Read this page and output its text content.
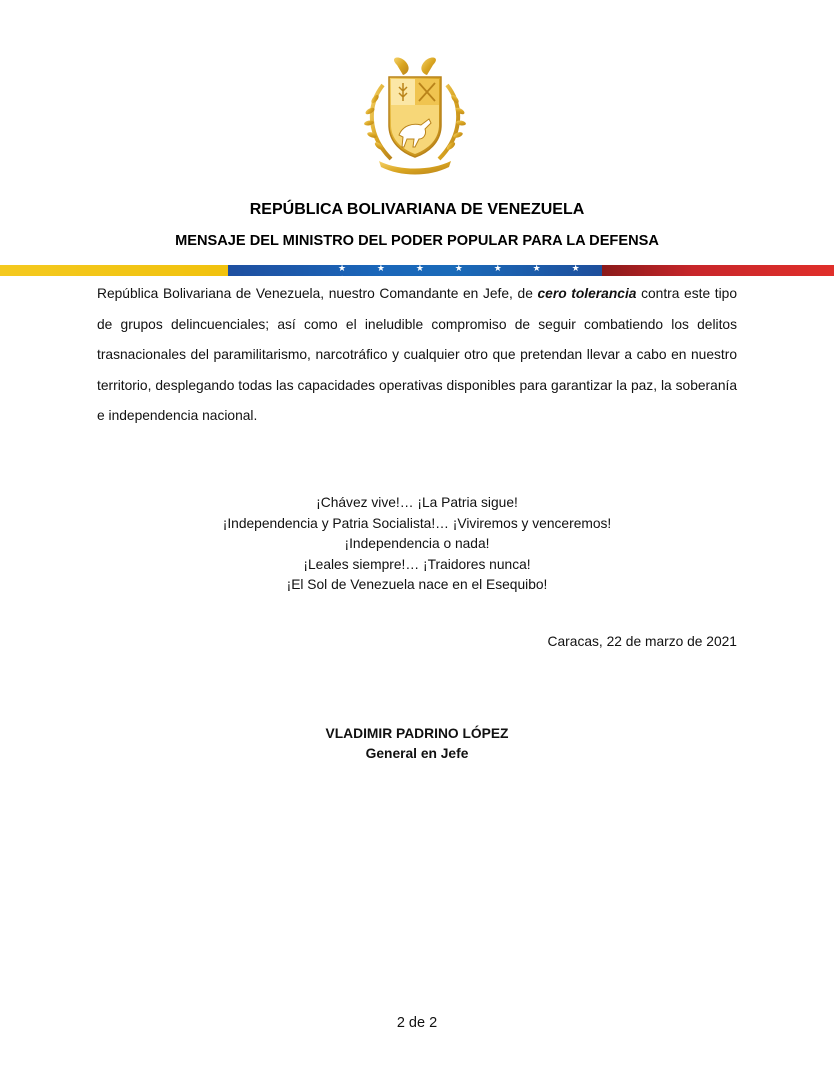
REPÚBLICA BOLIVARIANA DE VENEZUELA
MENSAJE DEL MINISTRO DEL PODER POPULAR PARA LA DEFENSA
★ ★ ★ ★ ★ ★ ★ ★

República Bolivariana de Venezuela, nuestro Comandante en Jefe, de cero tolerancia contra este tipo de grupos delincuenciales; así como el ineludible compromiso de seguir combatiendo los delitos trasnacionales del paramilitarismo, narcotráfico y cualquier otro que pretendan llevar a cabo en nuestro territorio, desplegando todas las capacidades operativas disponibles para garantizar la paz, la soberanía e independencia nacional.

¡Chávez vive!… ¡La Patria sigue!
¡Independencia y Patria Socialista!… ¡Viviremos y venceremos!
¡Independencia o nada!
¡Leales siempre!… ¡Traidores nunca!
¡El Sol de Venezuela nace en el Esequibo!
Caracas, 22 de marzo de 2021
VLADIMIR PADRINO LÓPEZ
General en Jefe
2 de 2
